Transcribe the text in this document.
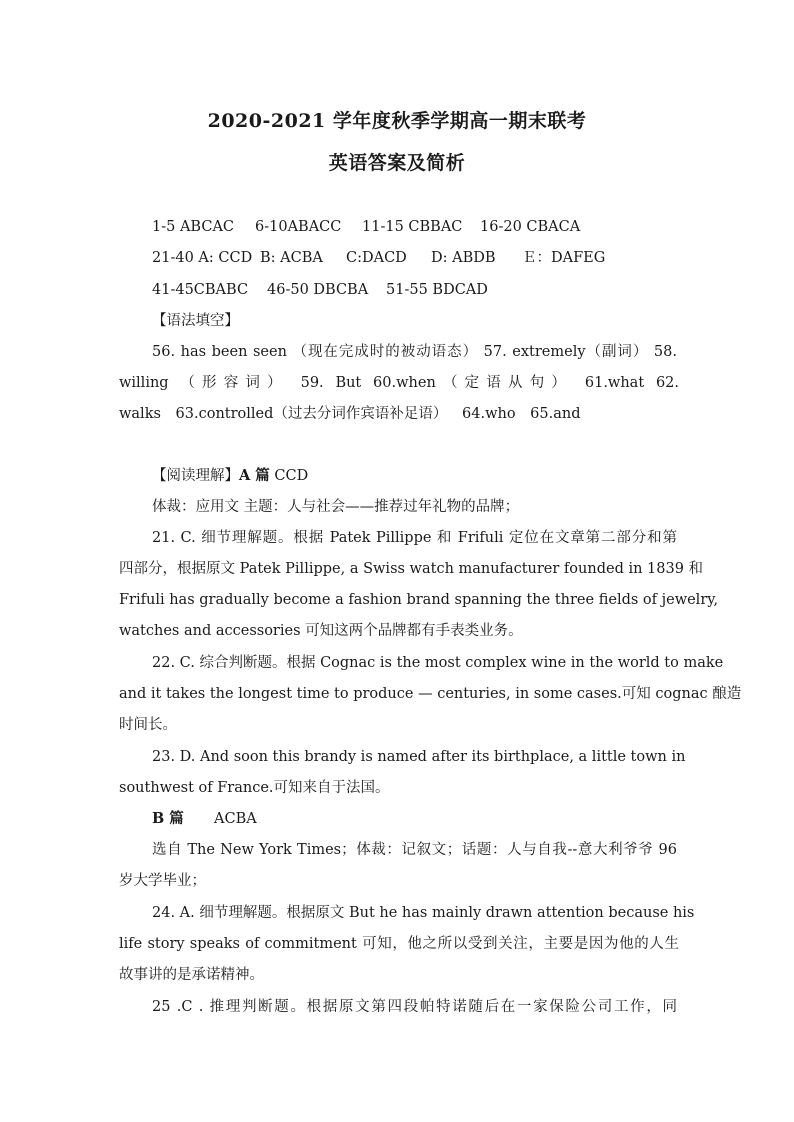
2020-2021 学年度秋季学期高一期末联考
英语答案及简析
1-5 ABCAC 6-10ABACC 11-15 CBBAC 16-20 CBACA
21-40 A: CCD B: ACBA C:DACD D: ABDB Ｅ：DAFEG
41-45CBABC 46-50 DBCBA 51-55 BDCAD
【语法填空】
56. has been seen （现在完成时的被动语态） 57. extremely（副词） 58.
willing （形容词） 59. But 60.when（定语从句） 61.what 62.
walks 63.controlled（过去分词作宾语补足语） 64.who 65.and
【阅读理解】A 篇 CCD
体裁：应用文 主题：人与社会——推荐过年礼物的品牌；
21. C. 细节理解题。根据 Patek Pillippe 和 Frifuli 定位在文章第二部分和第
四部分，根据原文 Patek Pillippe, a Swiss watch manufacturer founded in 1839 和
Frifuli has gradually become a fashion brand spanning the three fields of jewelry,
watches and accessories 可知这两个品牌都有手表类业务。
22. C. 综合判断题。根据 Cognac is the most complex wine in the world to make
and it takes the longest time to produce — centuries, in some cases.可知 cognac 酿造
时间长。
23. D. And soon this brandy is named after its birthplace, a little town in
southwest of France.可知来自于法国。
B 篇 ACBA
选自 The New York Times；体裁：记叙文；话题：人与自我--意大利爷爷 96
岁大学毕业；
24. A. 细节理解题。根据原文 But he has mainly drawn attention because his
life story speaks of commitment 可知，他之所以受到关注，主要是因为他的人生
故事讲的是承诺精神。
25 .C . 推理判断题。根据原文第四段帕特诺随后在一家保险公司工作，同
